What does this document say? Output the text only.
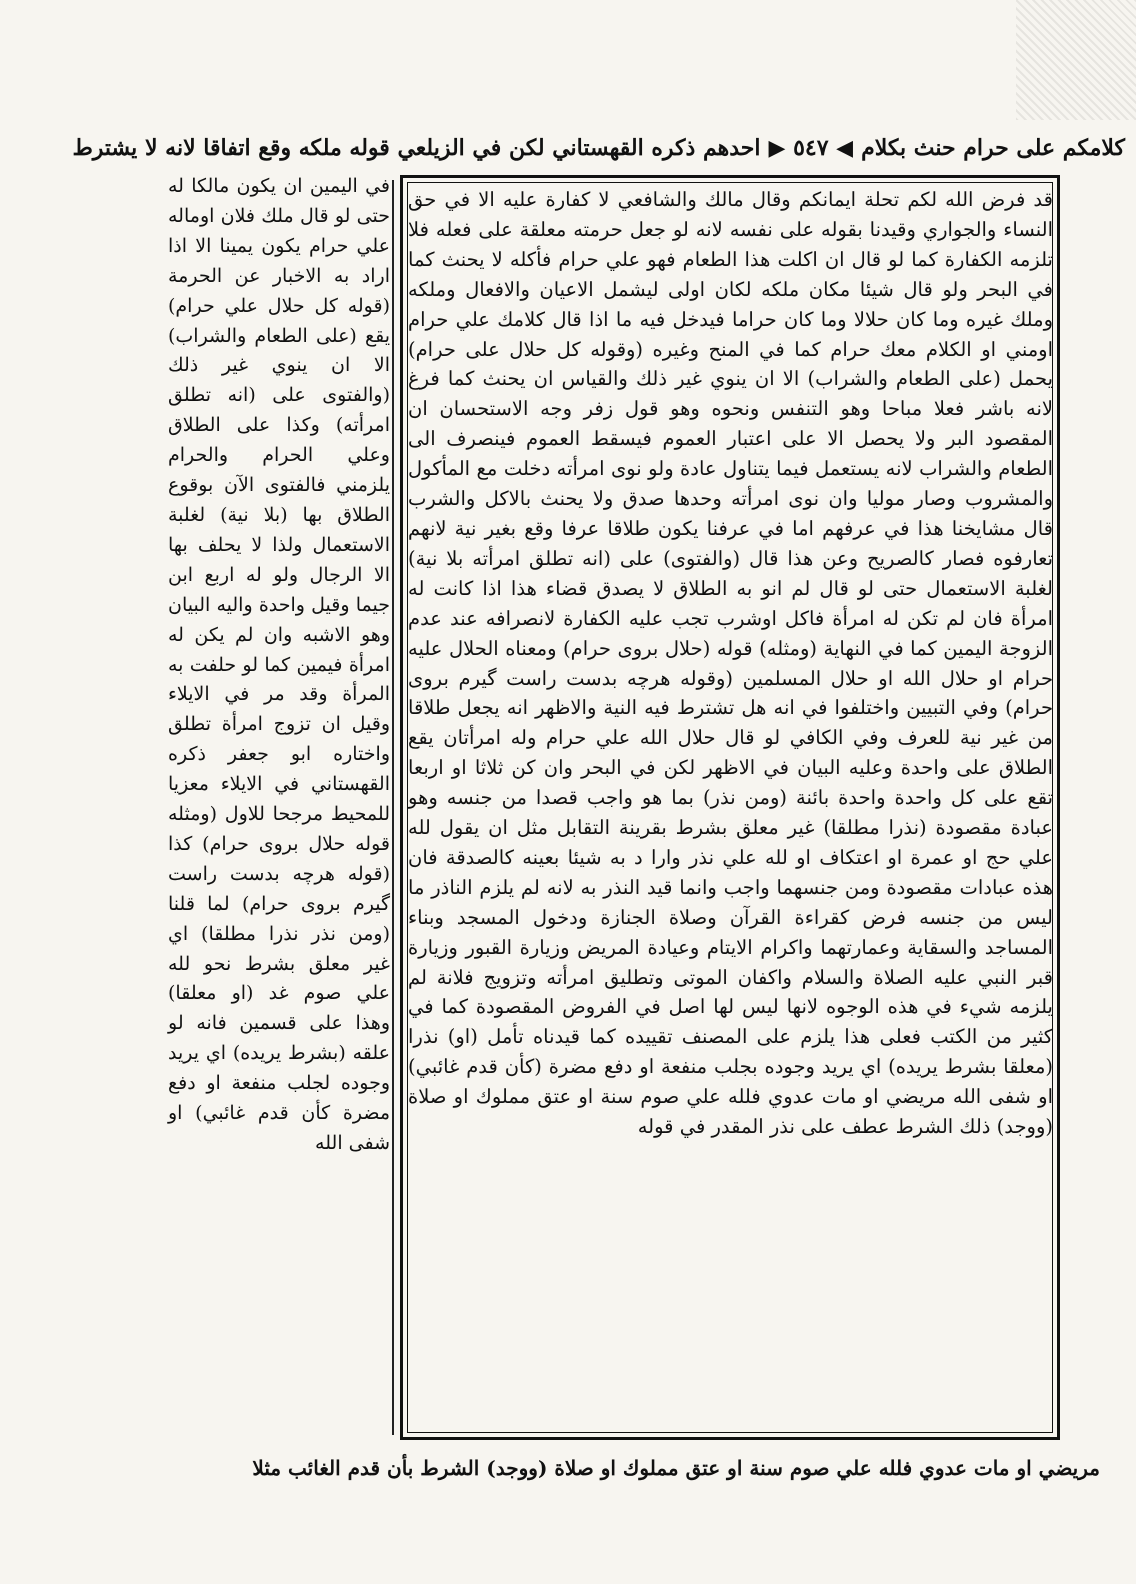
كلامكم على حرام حنث بكلام
◀ ٥٤٧ ▶
احدهم ذكره القهستاني لكن في الزيلعي قوله ملكه وقع اتفاقا لانه لا يشترط

قد فرض الله لكم تحلة ايمانكم وقال مالك والشافعي لا كفارة عليه الا في حق النساء والجواري وقيدنا بقوله على نفسه لانه لو جعل حرمته معلقة على فعله فلا تلزمه الكفارة كما لو قال ان اكلت هذا الطعام فهو علي حرام فأكله لا يحنث كما في البحر ولو قال شيئا مكان ملكه لكان اولى ليشمل الاعيان والافعال وملكه وملك غيره وما كان حلالا وما كان حراما فيدخل فيه ما اذا قال كلامك علي حرام اومني او الكلام معك حرام كما في المنح وغيره (وقوله كل حلال على حرام) يحمل (على الطعام والشراب) الا ان ينوي غير ذلك والقياس ان يحنث كما فرغ لانه باشر فعلا مباحا وهو التنفس ونحوه وهو قول زفر وجه الاستحسان ان المقصود البر ولا يحصل الا على اعتبار العموم فيسقط العموم فينصرف الى الطعام والشراب لانه يستعمل فيما يتناول عادة ولو نوى امرأته دخلت مع المأكول والمشروب وصار موليا وان نوى امرأته وحدها صدق ولا يحنث بالاكل والشرب قال مشايخنا هذا في عرفهم اما في عرفنا يكون طلاقا عرفا وقع بغير نية لانهم تعارفوه فصار كالصريح وعن هذا قال (والفتوى) على (انه تطلق امرأته بلا نية) لغلبة الاستعمال حتى لو قال لم انو به الطلاق لا يصدق قضاء هذا اذا كانت له امرأة فان لم تكن له امرأة فاكل اوشرب تجب عليه الكفارة لانصرافه عند عدم الزوجة اليمين كما في النهاية (ومثله) قوله (حلال بروى حرام) ومعناه الحلال عليه حرام او حلال الله او حلال المسلمين (وقوله هرچه بدست راست گيرم بروى حرام) وفي التبيين واختلفوا في انه هل تشترط فيه النية والاظهر انه يجعل طلاقا من غير نية للعرف وفي الكافي لو قال حلال الله علي حرام وله امرأتان يقع الطلاق على واحدة وعليه البيان في الاظهر لكن في البحر وان كن ثلاثا او اربعا تقع على كل واحدة واحدة بائنة (ومن نذر) بما هو واجب قصدا من جنسه وهو عبادة مقصودة (نذرا مطلقا) غير معلق بشرط بقرينة التقابل مثل ان يقول لله علي حج او عمرة او اعتكاف او لله علي نذر وارا د به شيئا بعينه كالصدقة فان هذه عبادات مقصودة ومن جنسهما واجب وانما قيد النذر به لانه لم يلزم الناذر ما ليس من جنسه فرض كقراءة القرآن وصلاة الجنازة ودخول المسجد وبناء المساجد والسقاية وعمارتهما واكرام الايتام وعيادة المريض وزيارة القبور وزيارة قبر النبي عليه الصلاة والسلام واكفان الموتى وتطليق امرأته وتزويج فلانة لم يلزمه شيء في هذه الوجوه لانها ليس لها اصل في الفروض المقصودة كما في كثير من الكتب فعلى هذا يلزم على المصنف تقييده كما قيدناه تأمل (او) نذرا (معلقا بشرط يريده) اي يريد وجوده بجلب منفعة او دفع مضرة (كأن قدم غائبي) او شفى الله مريضي او مات عدوي فلله علي صوم سنة او عتق مملوك او صلاة (ووجد) ذلك الشرط عطف على نذر المقدر في قوله

في اليمين ان يكون مالكا له حتى لو قال ملك فلان اوماله علي حرام يكون يمينا الا اذا اراد به الاخبار عن الحرمة (قوله كل حلال علي حرام) يقع (على الطعام والشراب) الا ان ينوي غير ذلك (والفتوى على (انه تطلق امرأته) وكذا على الطلاق وعلي الحرام والحرام يلزمني فالفتوى الآن بوقوع الطلاق بها (بلا نية) لغلبة الاستعمال ولذا لا يحلف بها الا الرجال ولو له اربع ابن جيما وقيل واحدة واليه البيان وهو الاشبه وان لم يكن له امرأة فيمين كما لو حلفت به المرأة وقد مر في الايلاء وقيل ان تزوج امرأة تطلق واختاره ابو جعفر ذكره القهستاني في الايلاء معزيا للمحيط مرجحا للاول (ومثله قوله حلال بروى حرام) كذا (قوله هرچه بدست راست گيرم بروى حرام) لما قلنا (ومن نذر نذرا مطلقا) اي غير معلق بشرط نحو لله علي صوم غد (او معلقا) وهذا على قسمين فانه لو علقه (بشرط يريده) اي يريد وجوده لجلب منفعة او دفع مضرة كأن قدم غائبي) او شفى الله

مريضي او مات عدوي فلله علي صوم سنة او عتق مملوك او صلاة (ووجد) الشرط بأن قدم الغائب مثلا
